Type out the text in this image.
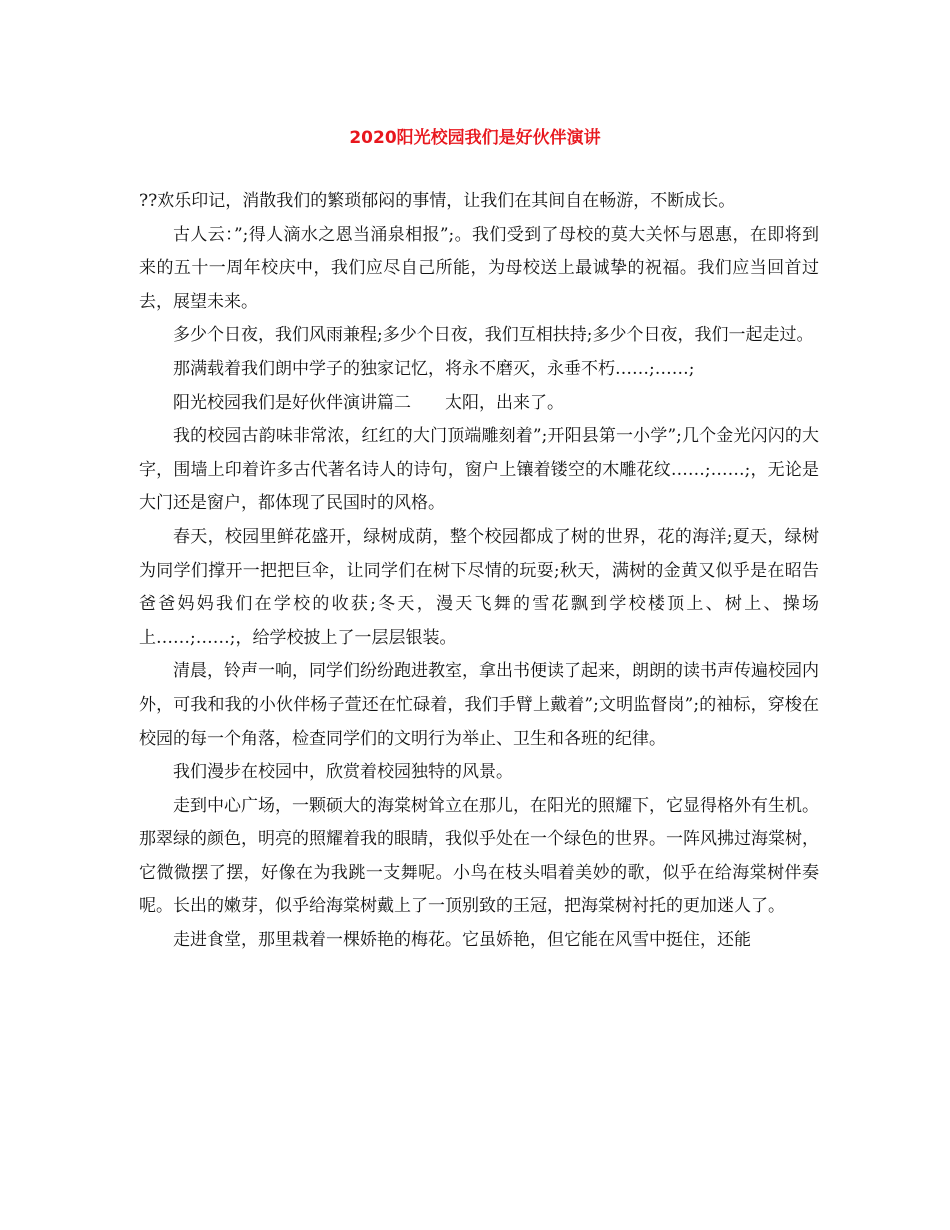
2020阳光校园我们是好伙伴演讲

??欢乐印记，消散我们的繁琐郁闷的事情，让我们在其间自在畅游，不断成长。

古人云：”;得人滴水之恩当涌泉相报”;。我们受到了母校的莫大关怀与恩惠，在即将到来的五十一周年校庆中，我们应尽自己所能，为母校送上最诚挚的祝福。我们应当回首过去，展望未来。

多少个日夜，我们风雨兼程;多少个日夜，我们互相扶持;多少个日夜，我们一起走过。

那满载着我们朗中学子的独家记忆，将永不磨灭，永垂不朽……;……;

阳光校园我们是好伙伴演讲篇二　　太阳，出来了。

我的校园古韵味非常浓，红红的大门顶端雕刻着”;开阳县第一小学”;几个金光闪闪的大字，围墙上印着许多古代著名诗人的诗句，窗户上镶着镂空的木雕花纹……;……;，无论是大门还是窗户，都体现了民国时的风格。

春天，校园里鲜花盛开，绿树成荫，整个校园都成了树的世界，花的海洋;夏天，绿树为同学们撑开一把把巨伞，让同学们在树下尽情的玩耍;秋天，满树的金黄又似乎是在昭告爸爸妈妈我们在学校的收获;冬天，漫天飞舞的雪花飘到学校楼顶上、树上、操场上……;……;，给学校披上了一层层银装。

清晨，铃声一响，同学们纷纷跑进教室，拿出书便读了起来，朗朗的读书声传遍校园内外，可我和我的小伙伴杨子萱还在忙碌着，我们手臂上戴着”;文明监督岗”;的袖标，穿梭在校园的每一个角落，检查同学们的文明行为举止、卫生和各班的纪律。

我们漫步在校园中，欣赏着校园独特的风景。

走到中心广场，一颗硕大的海棠树耸立在那儿，在阳光的照耀下，它显得格外有生机。那翠绿的颜色，明亮的照耀着我的眼睛，我似乎处在一个绿色的世界。一阵风拂过海棠树，它微微摆了摆，好像在为我跳一支舞呢。小鸟在枝头唱着美妙的歌，似乎在给海棠树伴奏呢。长出的嫩芽，似乎给海棠树戴上了一顶别致的王冠，把海棠树衬托的更加迷人了。

走进食堂，那里栽着一棵娇艳的梅花。它虽娇艳，但它能在风雪中挺住，还能
